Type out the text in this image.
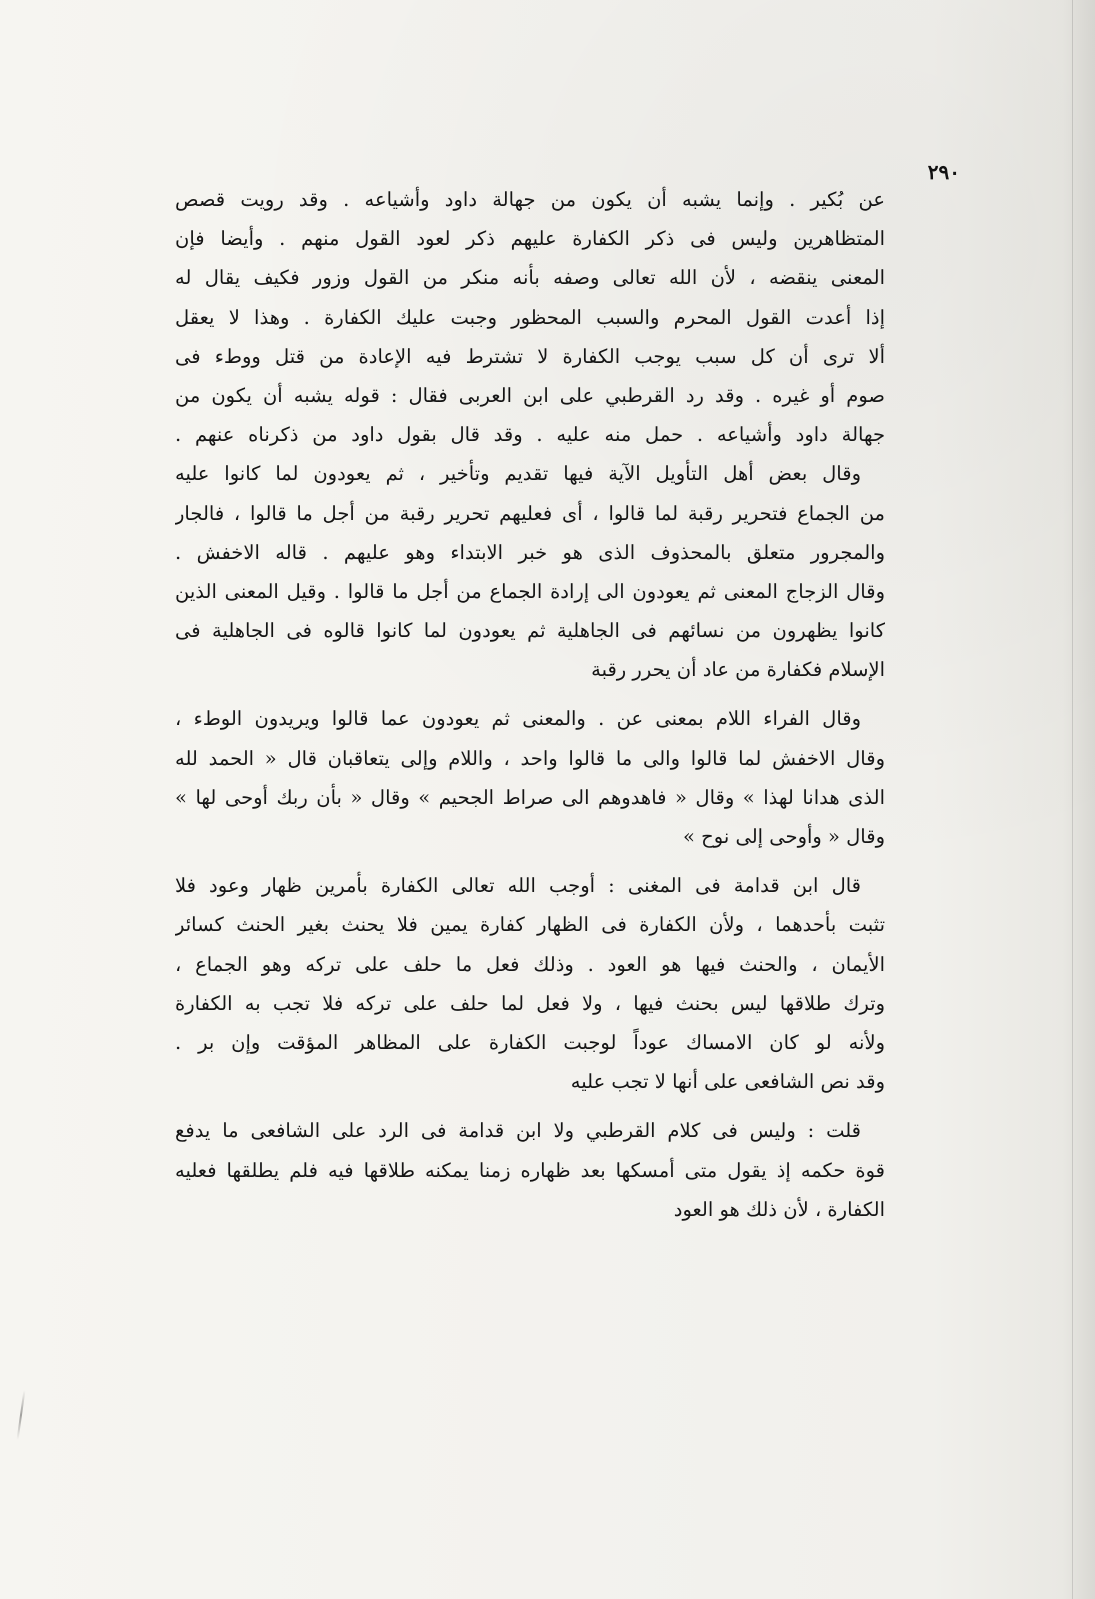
٢٩٠
عن بُكير . وإنما يشبه أن يكون من جهالة داود وأشياعه . وقد رويت قصص
المتظاهرين وليس فى ذكر الكفارة عليهم ذكر لعود القول منهم . وأيضا فإن
المعنى ينقضه ، لأن الله تعالى وصفه بأنه منكر من القول وزور فكيف يقال له
إذا أعدت القول المحرم والسبب المحظور وجبت عليك الكفارة . وهذا لا يعقل
ألا ترى أن كل سبب يوجب الكفارة لا تشترط فيه الإعادة من قتل ووطء فى
صوم أو غيره . وقد رد القرطبي على ابن العربى فقال : قوله يشبه أن يكون من
جهالة داود وأشياعه . حمل منه عليه . وقد قال بقول داود من ذكرناه عنهم .
وقال بعض أهل التأويل الآية فيها تقديم وتأخير ، ثم يعودون لما كانوا عليه
من الجماع فتحرير رقبة لما قالوا ، أى فعليهم تحرير رقبة من أجل ما قالوا ، فالجار
والمجرور متعلق بالمحذوف الذى هو خبر الابتداء وهو عليهم . قاله الاخفش .
وقال الزجاج المعنى ثم يعودون الى إرادة الجماع من أجل ما قالوا . وقيل المعنى الذين
كانوا يظهرون من نسائهم فى الجاهلية ثم يعودون لما كانوا قالوه فى الجاهلية فى
الإسلام فكفارة من عاد أن يحرر رقبة
وقال الفراء اللام بمعنى عن . والمعنى ثم يعودون عما قالوا ويريدون الوطء ،
وقال الاخفش لما قالوا والى ما قالوا واحد ، واللام وإلى يتعاقبان قال « الحمد لله
الذى هدانا لهذا » وقال « فاهدوهم الى صراط الجحيم » وقال « بأن ربك أوحى لها »
وقال « وأوحى إلى نوح »
قال ابن قدامة فى المغنى : أوجب الله تعالى الكفارة بأمرين ظهار وعود فلا
تثبت بأحدهما ، ولأن الكفارة فى الظهار كفارة يمين فلا يحنث بغير الحنث كسائر
الأيمان ، والحنث فيها هو العود . وذلك فعل ما حلف على تركه وهو الجماع ،
وترك طلاقها ليس بحنث فيها ، ولا فعل لما حلف على تركه فلا تجب به الكفارة
ولأنه لو كان الامساك عوداً لوجبت الكفارة على المظاهر المؤقت وإن بر .
وقد نص الشافعى على أنها لا تجب عليه
قلت : وليس فى كلام القرطبي ولا ابن قدامة فى الرد على الشافعى ما يدفع
قوة حكمه إذ يقول متى أمسكها بعد ظهاره زمنا يمكنه طلاقها فيه فلم يطلقها فعليه
الكفارة ، لأن ذلك هو العود
